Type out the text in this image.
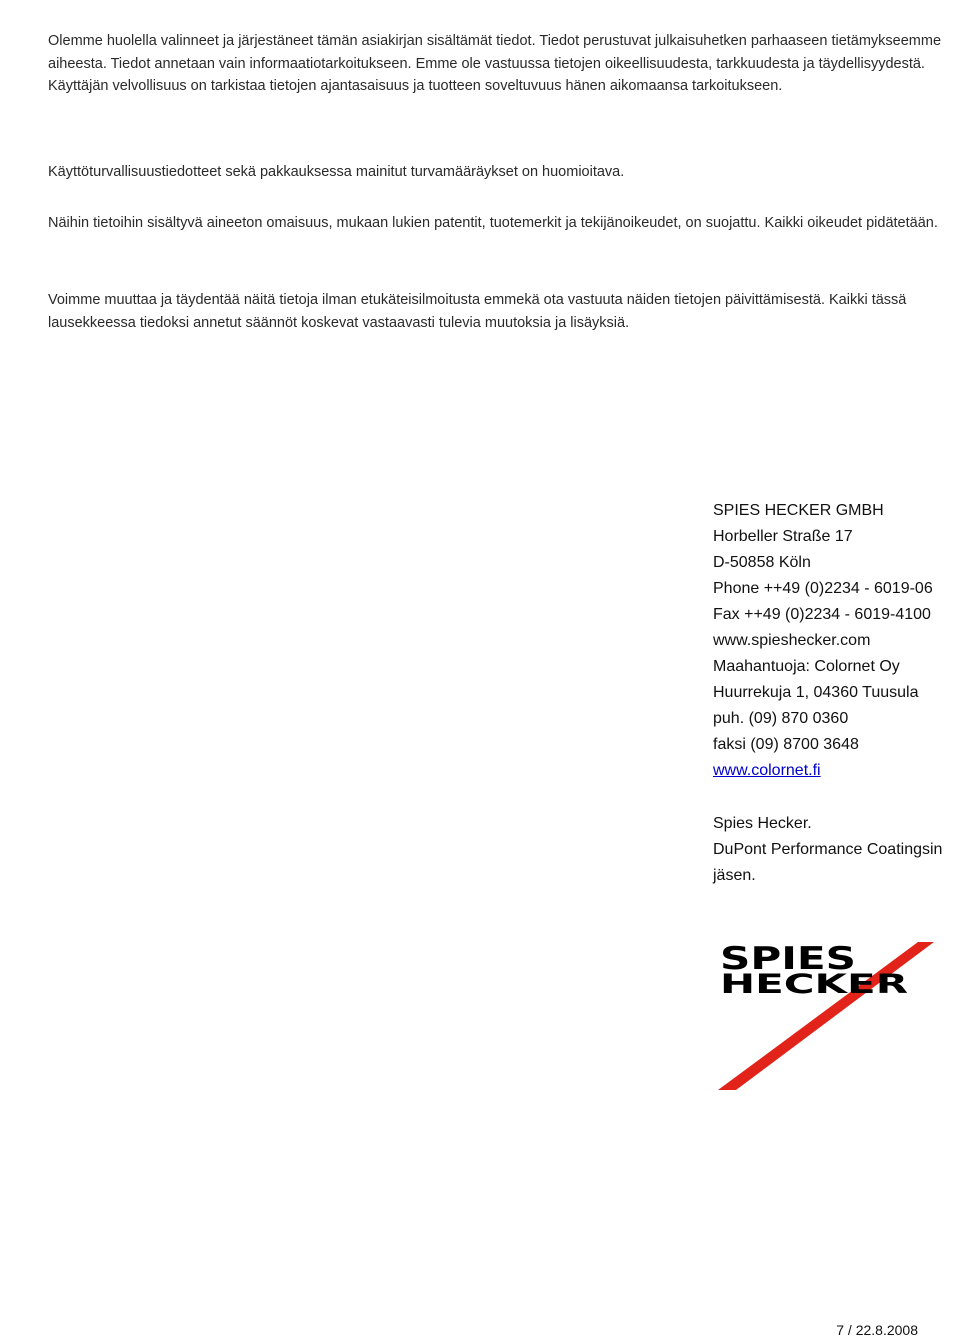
Olemme huolella valinneet ja järjestäneet tämän asiakirjan sisältämät tiedot. Tiedot perustuvat julkaisuhetken parhaaseen tietämykseemme
aiheesta. Tiedot annetaan vain informaatiotarkoitukseen. Emme ole vastuussa tietojen oikeellisuudesta, tarkkuudesta ja täydellisyydestä.
Käyttäjän velvollisuus on tarkistaa tietojen ajantasaisuus ja tuotteen soveltuvuus hänen aikomaansa tarkoitukseen.
Käyttöturvallisuustiedotteet sekä pakkauksessa mainitut turvamääräykset on huomioitava.
Näihin tietoihin sisältyvä aineeton omaisuus, mukaan lukien patentit, tuotemerkit ja tekijänoikeudet, on suojattu. Kaikki oikeudet pidätetään.
Voimme muuttaa ja täydentää näitä tietoja ilman etukäteisilmoitusta emmekä ota vastuuta näiden tietojen päivittämisestä. Kaikki tässä
lausekkeessa tiedoksi annetut säännöt koskevat vastaavasti tulevia muutoksia ja lisäyksiä.
SPIES HECKER GMBH
Horbeller Straße 17
D-50858 Köln
Phone ++49 (0)2234 - 6019-06
Fax ++49 (0)2234 - 6019-4100
www.spieshecker.com
Maahantuoja: Colornet Oy
Huurrekuja 1, 04360 Tuusula
puh. (09) 870 0360
faksi (09) 8700 3648
www.colornet.fi
Spies Hecker.
DuPont Performance Coatingsin
jäsen.
SPIES
HECKER
7 / 22.8.2008
